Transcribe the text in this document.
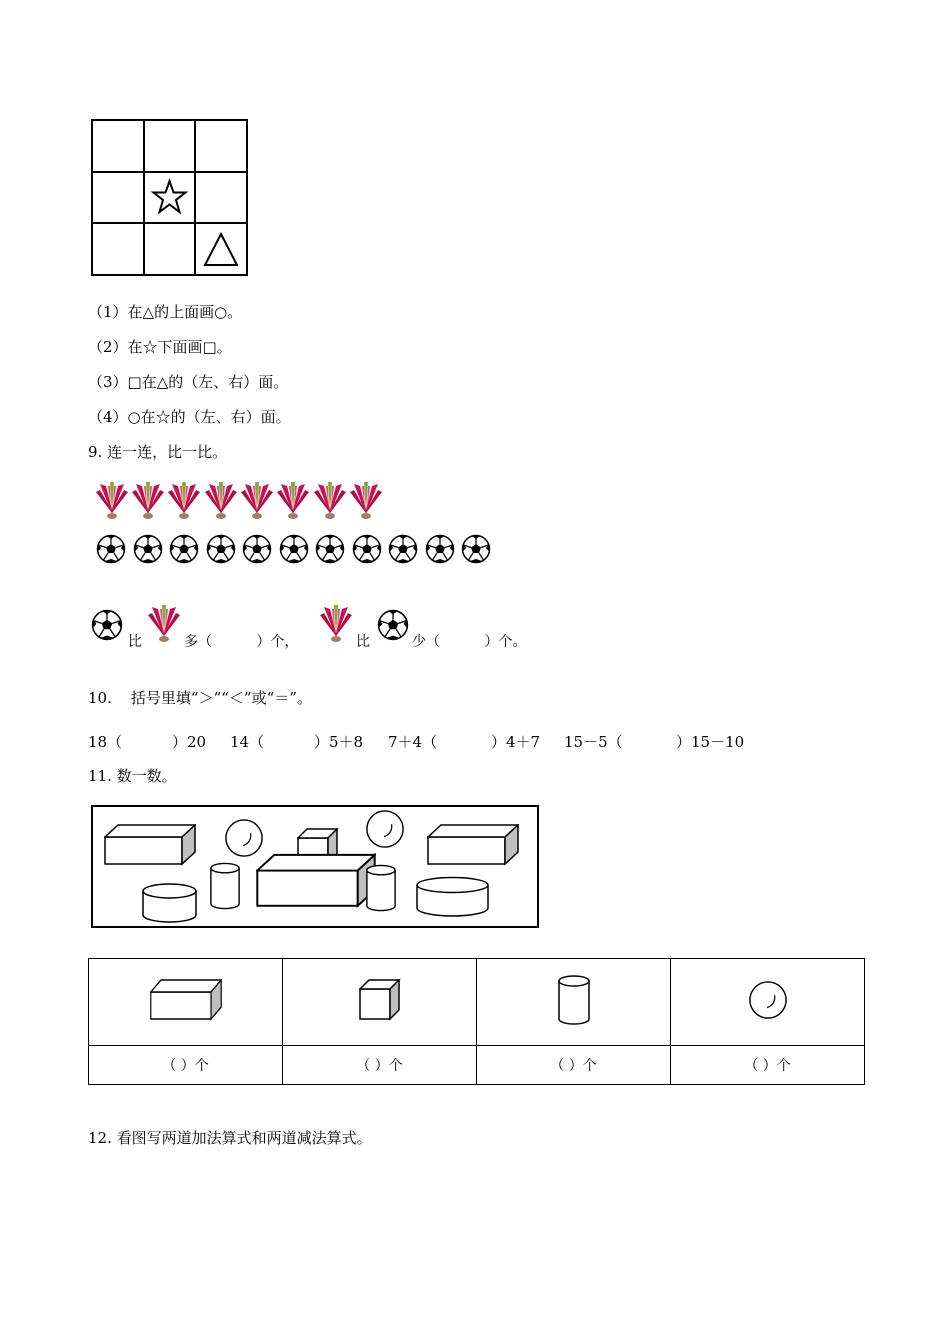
（1）在△的上面画○。
（2）在☆下面画□。
（3）□在△的（左、右）面。
（4）○在☆的（左、右）面。
9. 连一连，比一比。
比	多（          ）个，	比	少（          ）个。
10.    括号里填“＞”“＜”或“＝”。
18（	）20 14（	）5＋8 7＋4（	）4＋7 15－5（	）15－10
11. 数一数。

（ ）个	（ ）个	（ ）个	（ ）个
12. 看图写两道加法算式和两道减法算式。
